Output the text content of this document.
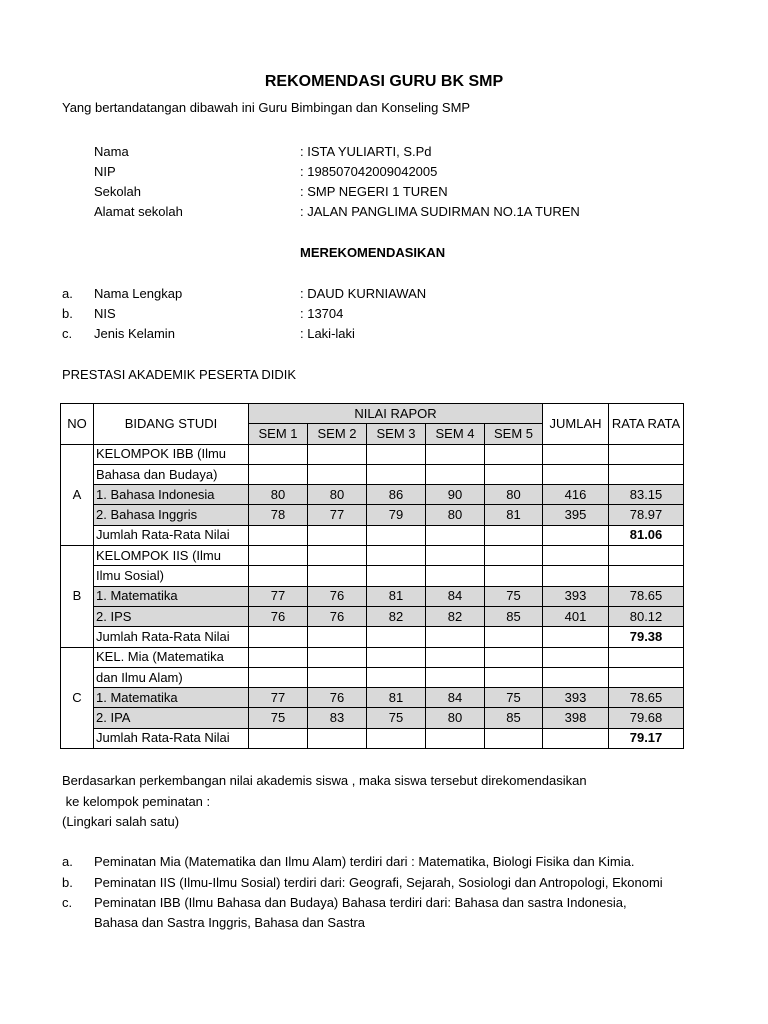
REKOMENDASI GURU BK SMP
Yang bertandatangan dibawah ini Guru Bimbingan dan Konseling SMP
Nama	: ISTA YULIARTI, S.Pd
NIP	: 198507042009042005
Sekolah	: SMP NEGERI 1 TUREN
Alamat sekolah	: JALAN PANGLIMA SUDIRMAN NO.1A TUREN
MEREKOMENDASIKAN
a. Nama Lengkap	: DAUD KURNIAWAN
b. NIS	: 13704
c. Jenis Kelamin	: Laki-laki
PRESTASI AKADEMIK PESERTA DIDIK
NO	BIDANG STUDI	NILAI RAPOR					JUMLAH	RATA RATA
		SEM 1	SEM 2	SEM 3	SEM 4	SEM 5		
A	KELOMPOK IBB (Ilmu							
	Bahasa dan Budaya)							
	1. Bahasa Indonesia	80	80	86	90	80	416	83.15
	2. Bahasa Inggris	78	77	79	80	81	395	78.97
	Jumlah Rata-Rata Nilai							81.06
B	KELOMPOK IIS (Ilmu							
	Ilmu Sosial)							
	1. Matematika	77	76	81	84	75	393	78.65
	2. IPS	76	76	82	82	85	401	80.12
	Jumlah Rata-Rata Nilai							79.38
C	KEL. Mia (Matematika							
	dan Ilmu Alam)							
	1. Matematika	77	76	81	84	75	393	78.65
	2. IPA	75	83	75	80	85	398	79.68
	Jumlah Rata-Rata Nilai							79.17
Berdasarkan perkembangan nilai akademis siswa , maka siswa tersebut direkomendasikan
ke kelompok peminatan :
(Lingkari salah satu)
a. Peminatan Mia (Matematika dan Ilmu Alam) terdiri dari : Matematika, Biologi Fisika dan Kimia.
b. Peminatan IIS (Ilmu-Ilmu Sosial) terdiri dari: Geografi, Sejarah, Sosiologi dan Antropologi, Ekonomi
c. Peminatan IBB (Ilmu Bahasa dan Budaya) Bahasa terdiri dari: Bahasa dan sastra Indonesia,
Bahasa dan Sastra Inggris, Bahasa dan Sastra
